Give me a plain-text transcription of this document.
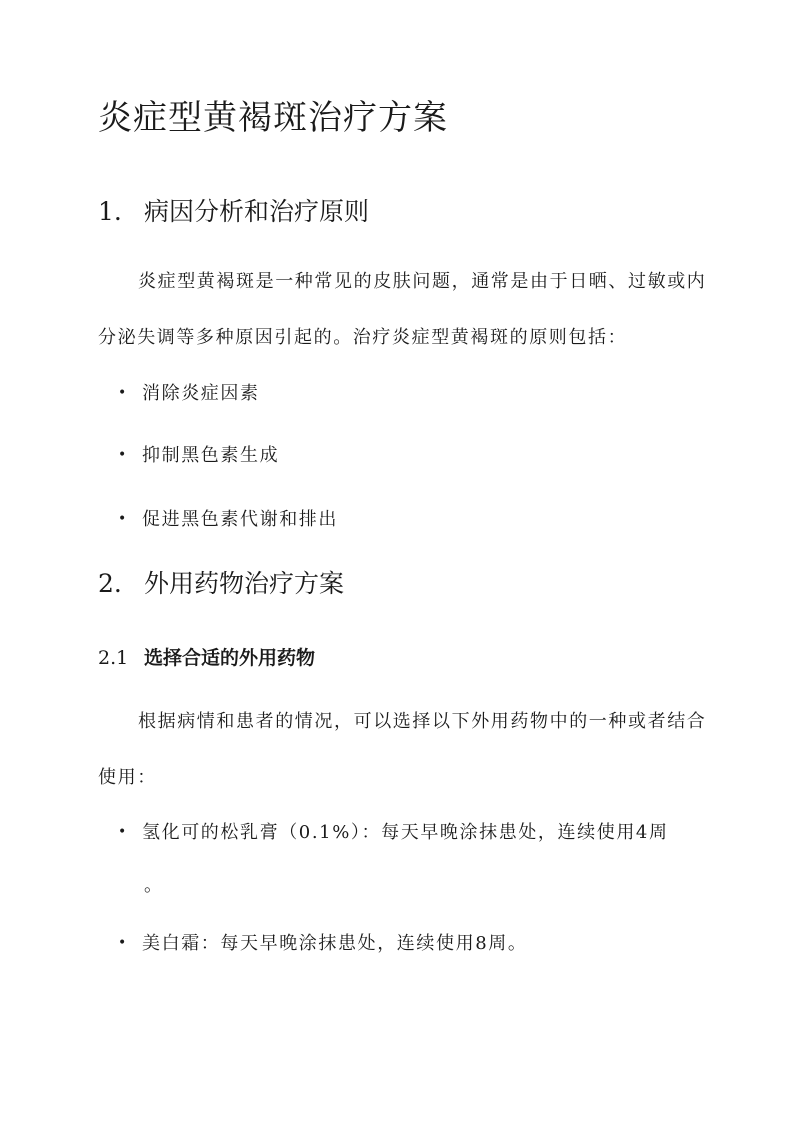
炎症型黄褐斑治疗方案
1. 病因分析和治疗原则

炎症型黄褐斑是一种常见的皮肤问题，通常是由于日晒、过敏或内分泌失调等多种原因引起的。治疗炎症型黄褐斑的原则包括：

• 消除炎症因素

• 抑制黑色素生成

• 促进黑色素代谢和排出

2. 外用药物治疗方案
2.1 选择合适的外用药物

根据病情和患者的情况，可以选择以下外用药物中的一种或者结合使用：

• 氢化可的松乳膏（0.1%）：每天早晚涂抹患处，连续使用4周

。

• 美白霜：每天早晚涂抹患处，连续使用8周。
